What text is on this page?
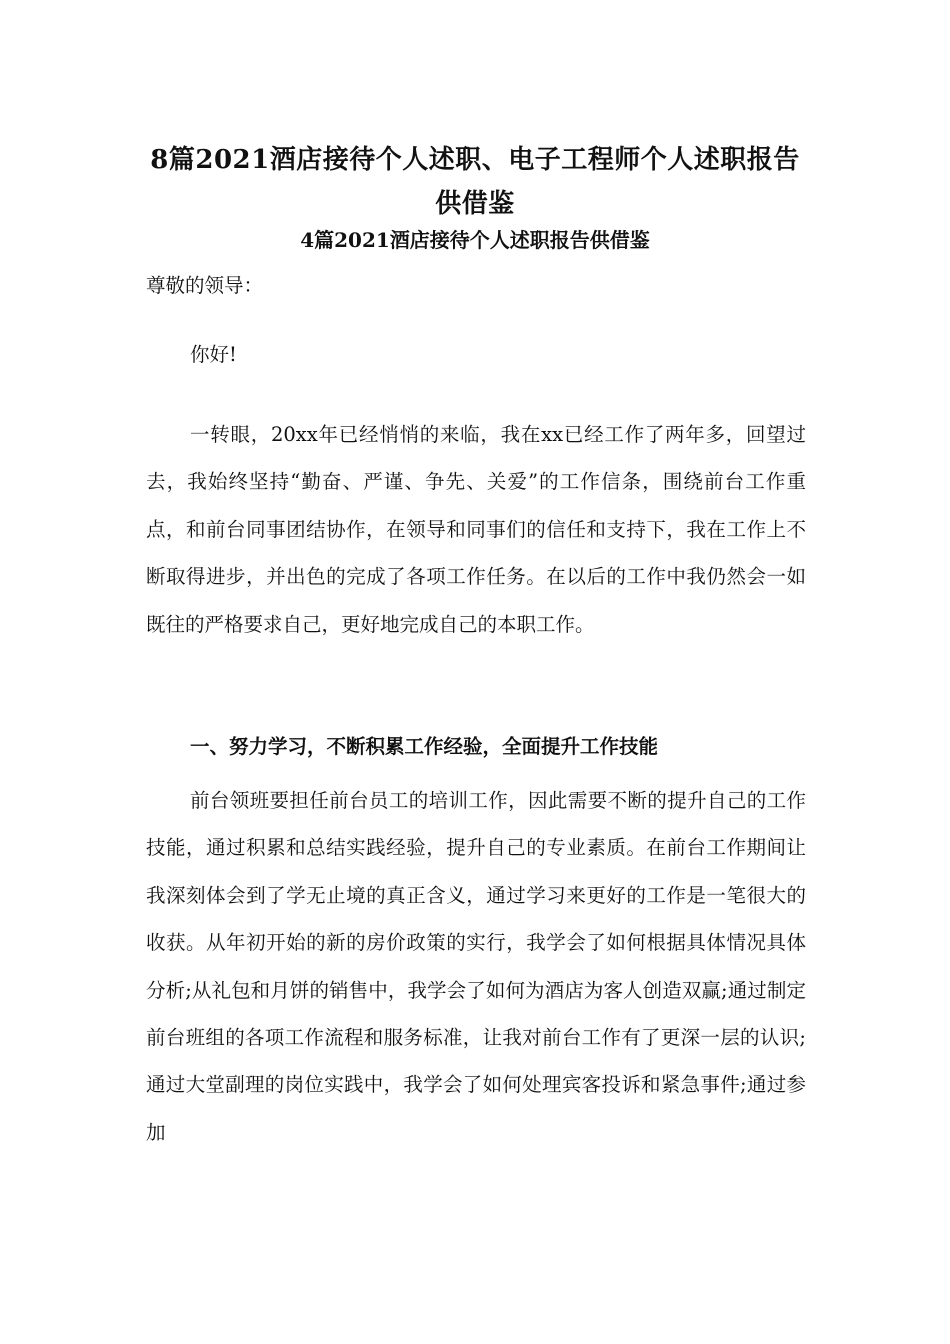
8篇2021酒店接待个人述职、电子工程师个人述职报告供借鉴
4篇2021酒店接待个人述职报告供借鉴

尊敬的领导：

你好!

一转眼，20xx年已经悄悄的来临，我在xx已经工作了两年多，回望过去，我始终坚持“勤奋、严谨、争先、关爱”的工作信条，围绕前台工作重点，和前台同事团结协作，在领导和同事们的信任和支持下，我在工作上不断取得进步，并出色的完成了各项工作任务。在以后的工作中我仍然会一如既往的严格要求自己，更好地完成自己的本职工作。

一、努力学习，不断积累工作经验，全面提升工作技能

前台领班要担任前台员工的培训工作，因此需要不断的提升自己的工作技能，通过积累和总结实践经验，提升自己的专业素质。在前台工作期间让我深刻体会到了学无止境的真正含义，通过学习来更好的工作是一笔很大的收获。从年初开始的新的房价政策的实行，我学会了如何根据具体情况具体分析;从礼包和月饼的销售中，我学会了如何为酒店为客人创造双赢;通过制定前台班组的各项工作流程和服务标准，让我对前台工作有了更深一层的认识;通过大堂副理的岗位实践中，我学会了如何处理宾客投诉和紧急事件;通过参加
